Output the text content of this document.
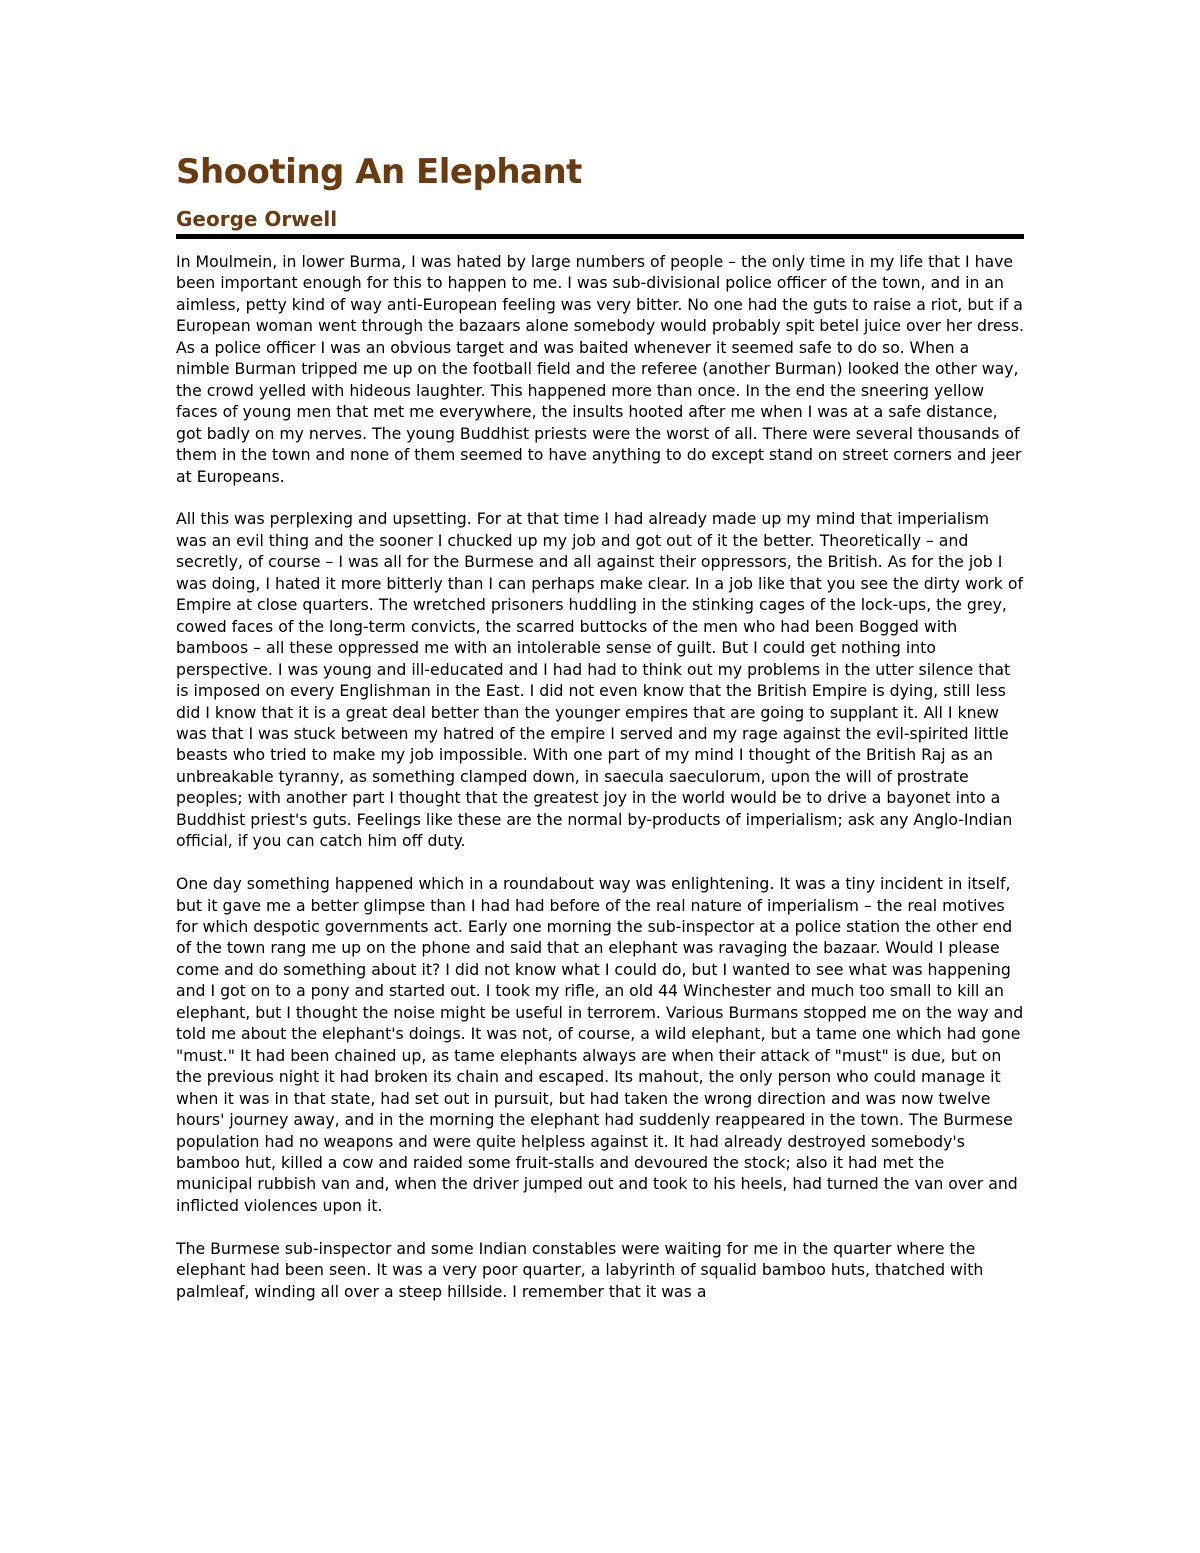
Shooting An Elephant
George Orwell

In Moulmein, in lower Burma, I was hated by large numbers of people – the only time in my life that I have been important enough for this to happen to me. I was sub-divisional police officer of the town, and in an aimless, petty kind of way anti-European feeling was very bitter. No one had the guts to raise a riot, but if a European woman went through the bazaars alone somebody would probably spit betel juice over her dress. As a police officer I was an obvious target and was baited whenever it seemed safe to do so. When a nimble Burman tripped me up on the football field and the referee (another Burman) looked the other way, the crowd yelled with hideous laughter. This happened more than once. In the end the sneering yellow faces of young men that met me everywhere, the insults hooted after me when I was at a safe distance, got badly on my nerves. The young Buddhist priests were the worst of all. There were several thousands of them in the town and none of them seemed to have anything to do except stand on street corners and jeer at Europeans.

All this was perplexing and upsetting. For at that time I had already made up my mind that imperialism was an evil thing and the sooner I chucked up my job and got out of it the better. Theoretically – and secretly, of course – I was all for the Burmese and all against their oppressors, the British. As for the job I was doing, I hated it more bitterly than I can perhaps make clear. In a job like that you see the dirty work of Empire at close quarters. The wretched prisoners huddling in the stinking cages of the lock-ups, the grey, cowed faces of the long-term convicts, the scarred buttocks of the men who had been Bogged with bamboos – all these oppressed me with an intolerable sense of guilt. But I could get nothing into perspective. I was young and ill-educated and I had had to think out my problems in the utter silence that is imposed on every Englishman in the East. I did not even know that the British Empire is dying, still less did I know that it is a great deal better than the younger empires that are going to supplant it. All I knew was that I was stuck between my hatred of the empire I served and my rage against the evil-spirited little beasts who tried to make my job impossible. With one part of my mind I thought of the British Raj as an unbreakable tyranny, as something clamped down, in saecula saeculorum, upon the will of prostrate peoples; with another part I thought that the greatest joy in the world would be to drive a bayonet into a Buddhist priest's guts. Feelings like these are the normal by-products of imperialism; ask any Anglo-Indian official, if you can catch him off duty.

One day something happened which in a roundabout way was enlightening. It was a tiny incident in itself, but it gave me a better glimpse than I had had before of the real nature of imperialism – the real motives for which despotic governments act. Early one morning the sub-inspector at a police station the other end of the town rang me up on the phone and said that an elephant was ravaging the bazaar. Would I please come and do something about it? I did not know what I could do, but I wanted to see what was happening and I got on to a pony and started out. I took my rifle, an old 44 Winchester and much too small to kill an elephant, but I thought the noise might be useful in terrorem. Various Burmans stopped me on the way and told me about the elephant's doings. It was not, of course, a wild elephant, but a tame one which had gone "must." It had been chained up, as tame elephants always are when their attack of "must" is due, but on the previous night it had broken its chain and escaped. Its mahout, the only person who could manage it when it was in that state, had set out in pursuit, but had taken the wrong direction and was now twelve hours' journey away, and in the morning the elephant had suddenly reappeared in the town. The Burmese population had no weapons and were quite helpless against it. It had already destroyed somebody's bamboo hut, killed a cow and raided some fruit-stalls and devoured the stock; also it had met the municipal rubbish van and, when the driver jumped out and took to his heels, had turned the van over and inflicted violences upon it.

The Burmese sub-inspector and some Indian constables were waiting for me in the quarter where the elephant had been seen. It was a very poor quarter, a labyrinth of squalid bamboo huts, thatched with palmleaf, winding all over a steep hillside. I remember that it was a
